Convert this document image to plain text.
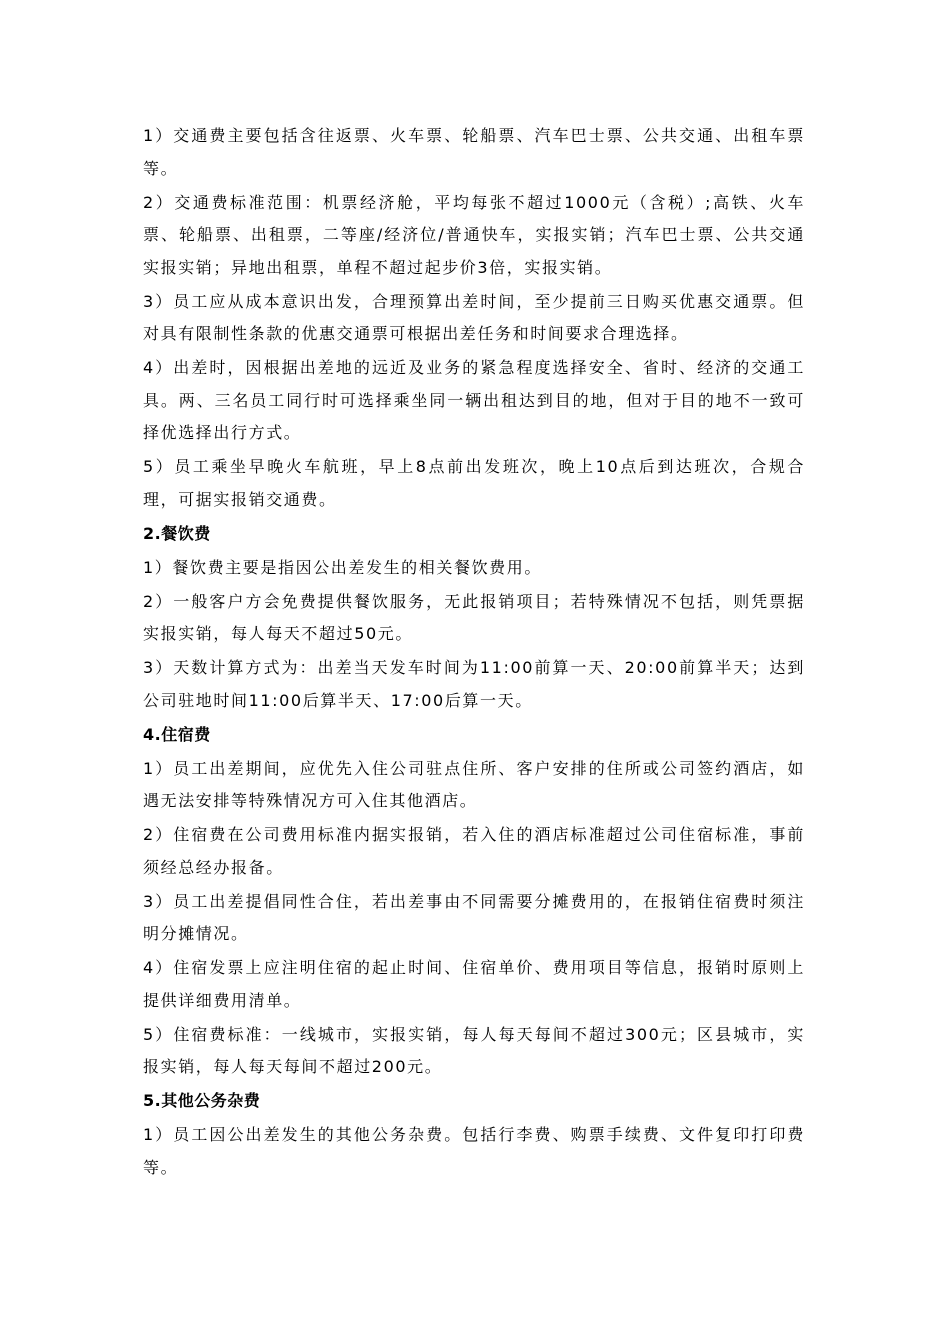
1）交通费主要包括含往返票、火车票、轮船票、汽车巴士票、公共交通、出租车票等。

2）交通费标准范围：机票经济舱，平均每张不超过1000元（含税）;高铁、火车票、轮船票、出租票，二等座/经济位/普通快车，实报实销；汽车巴士票、公共交通实报实销；异地出租票，单程不超过起步价3倍，实报实销。

3）员工应从成本意识出发，合理预算出差时间，至少提前三日购买优惠交通票。但对具有限制性条款的优惠交通票可根据出差任务和时间要求合理选择。

4）出差时，因根据出差地的远近及业务的紧急程度选择安全、省时、经济的交通工具。两、三名员工同行时可选择乘坐同一辆出租达到目的地，但对于目的地不一致可择优选择出行方式。

5）员工乘坐早晚火车航班，早上8点前出发班次，晚上10点后到达班次，合规合理，可据实报销交通费。

2.餐饮费

1）餐饮费主要是指因公出差发生的相关餐饮费用。

2）一般客户方会免费提供餐饮服务，无此报销项目；若特殊情况不包括，则凭票据实报实销，每人每天不超过50元。

3）天数计算方式为：出差当天发车时间为11:00前算一天、20:00前算半天；达到公司驻地时间11:00后算半天、17:00后算一天。

4.住宿费

1）员工出差期间，应优先入住公司驻点住所、客户安排的住所或公司签约酒店，如遇无法安排等特殊情况方可入住其他酒店。

2）住宿费在公司费用标准内据实报销，若入住的酒店标准超过公司住宿标准，事前须经总经办报备。

3）员工出差提倡同性合住，若出差事由不同需要分摊费用的，在报销住宿费时须注明分摊情况。

4）住宿发票上应注明住宿的起止时间、住宿单价、费用项目等信息，报销时原则上提供详细费用清单。

5）住宿费标准：一线城市，实报实销，每人每天每间不超过300元；区县城市，实报实销，每人每天每间不超过200元。

5.其他公务杂费

1）员工因公出差发生的其他公务杂费。包括行李费、购票手续费、文件复印打印费等。
